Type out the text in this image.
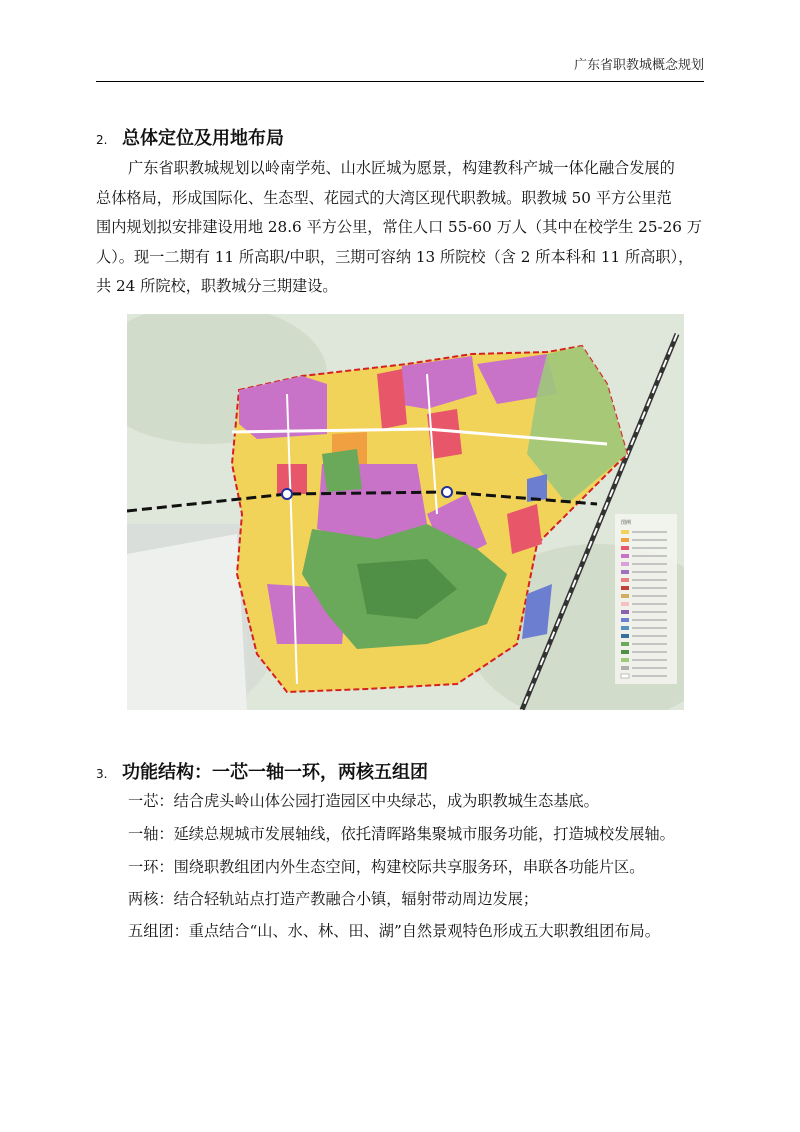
广东省职教城概念规划
2. 总体定位及用地布局
广东省职教城规划以岭南学苑、山水匠城为愿景，构建教科产城一体化融合发展的
总体格局，形成国际化、生态型、花园式的大湾区现代职教城。职教城 50 平方公里范
围内规划拟安排建设用地 28.6 平方公里，常住人口 55-60 万人（其中在校学生 25-26 万
人）。现一二期有 11 所高职/中职，三期可容纳 13 所院校（含 2 所本科和 11 所高职），
共 24 所院校，职教城分三期建设。
图例
3. 功能结构：一芯一轴一环，两核五组团
一芯：结合虎头岭山体公园打造园区中央绿芯，成为职教城生态基底。
一轴：延续总规城市发展轴线，依托清晖路集聚城市服务功能，打造城校发展轴。
一环：围绕职教组团内外生态空间，构建校际共享服务环，串联各功能片区。
两核：结合轻轨站点打造产教融合小镇，辐射带动周边发展；
五组团：重点结合“山、水、林、田、湖”自然景观特色形成五大职教组团布局。
